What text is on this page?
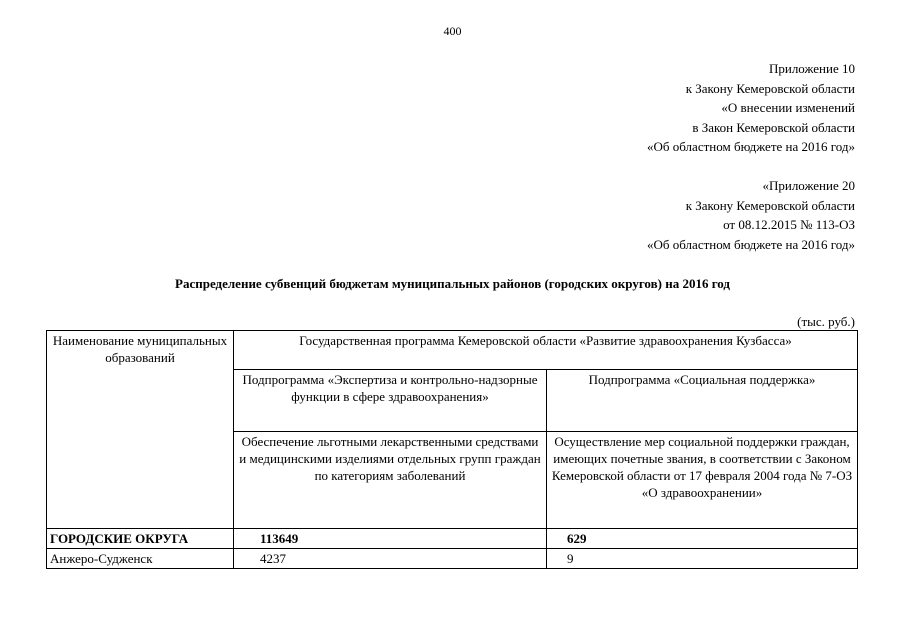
400
Приложение 10
к Закону Кемеровской области
«О внесении изменений
в Закон Кемеровской области
«Об областном бюджете на 2016 год»
«Приложение 20
к Закону Кемеровской области
от 08.12.2015 № 113-ОЗ
«Об областном бюджете на 2016 год»
Распределение субвенций бюджетам муниципальных районов (городских округов) на 2016 год
(тыс. руб.)
Наименование муниципальных образований	Государственная программа Кемеровской области «Развитие здравоохранения Кузбасса»	
	Подпрограмма «Экспертиза и контрольно-надзорные функции в сфере здравоохранения»	Подпрограмма «Социальная поддержка»
	Обеспечение льготными лекарственными средствами и медицинскими изделиями отдельных групп граждан по категориям заболеваний	Осуществление мер социальной поддержки граждан, имеющих почетные звания, в соответствии с Законом Кемеровской области от 17 февраля 2004 года № 7-ОЗ «О здравоохранении»
ГОРОДСКИЕ ОКРУГА	113649	629
Анжеро-Судженск	4237	9
